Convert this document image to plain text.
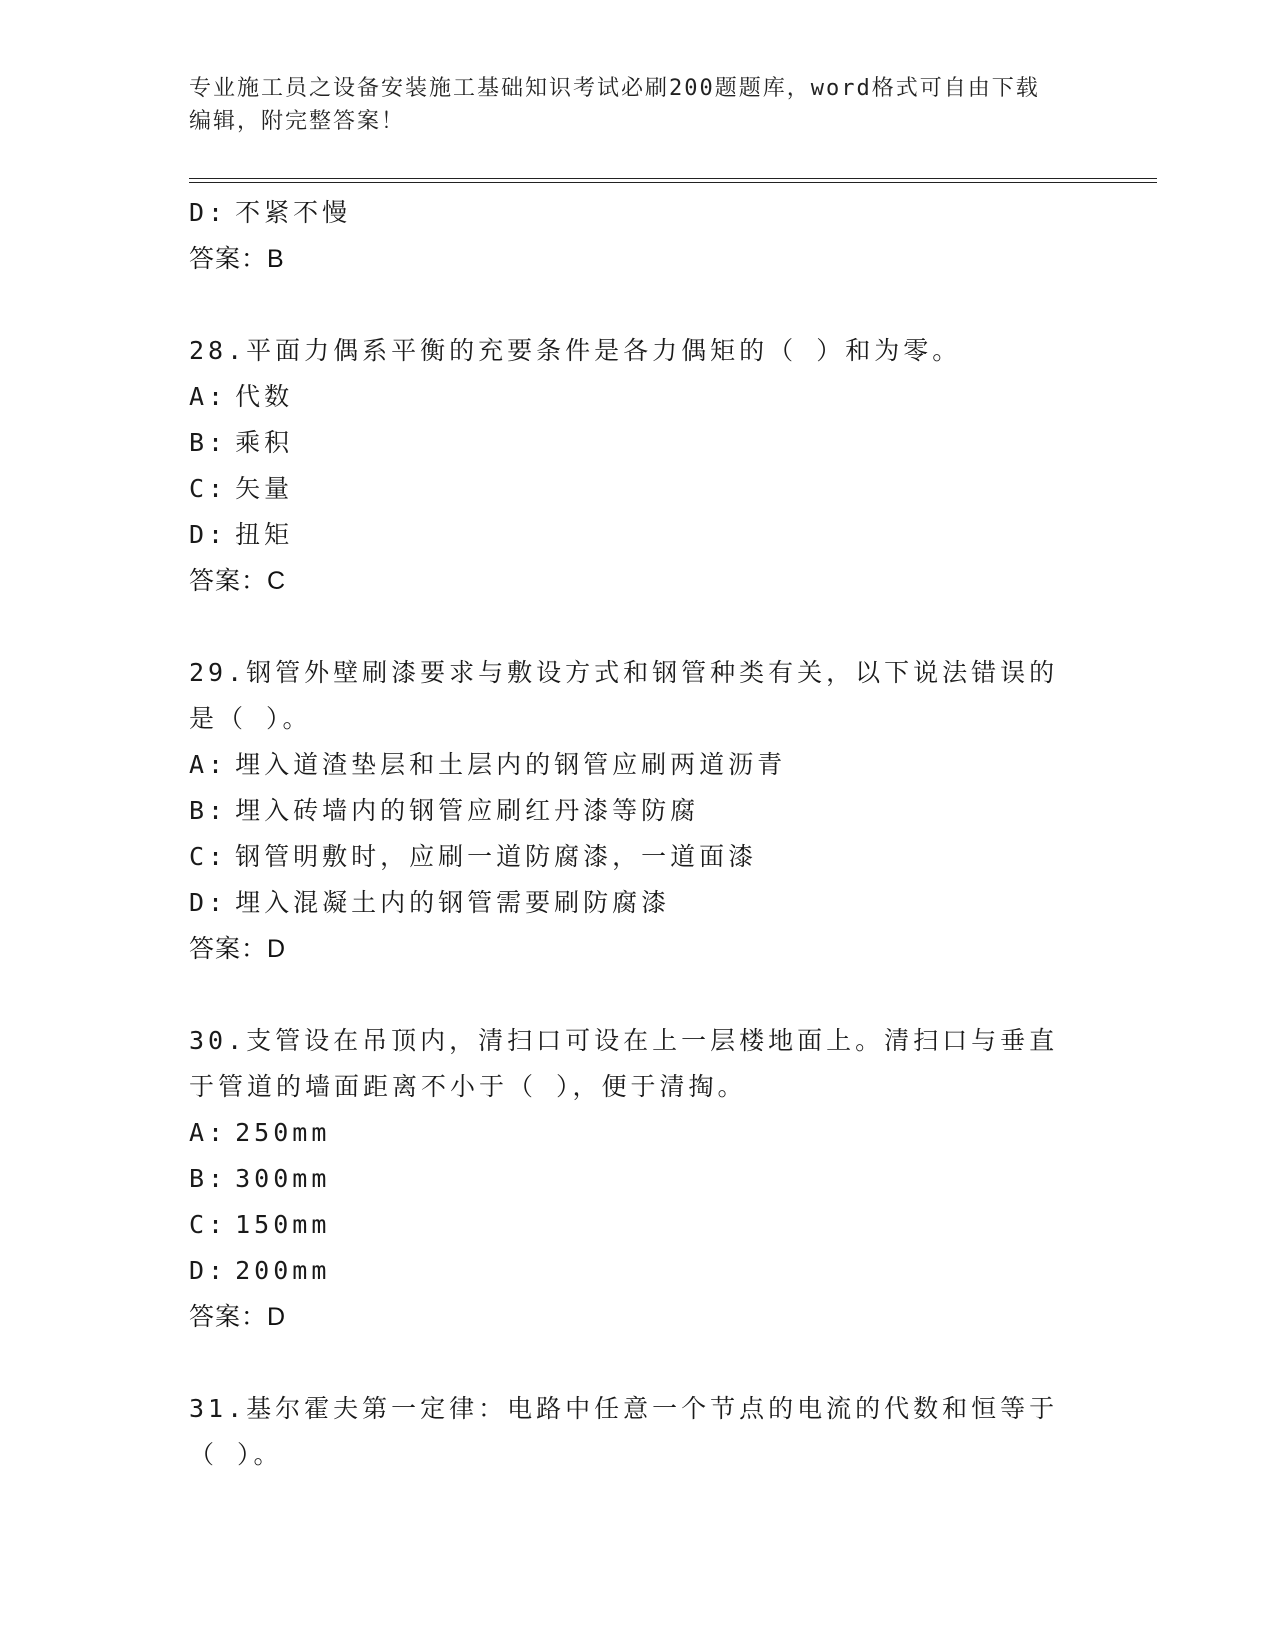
专业施工员之设备安装施工基础知识考试必刷200题题库，word格式可自由下载
编辑，附完整答案！
D: 不紧不慢
答案：B
28.平面力偶系平衡的充要条件是各力偶矩的（ ）和为零。
A: 代数
B: 乘积
C: 矢量
D: 扭矩
答案：C
29.钢管外壁刷漆要求与敷设方式和钢管种类有关，以下说法错误的是（ ）。
A: 埋入道渣垫层和土层内的钢管应刷两道沥青
B: 埋入砖墙内的钢管应刷红丹漆等防腐
C: 钢管明敷时，应刷一道防腐漆，一道面漆
D: 埋入混凝土内的钢管需要刷防腐漆
答案：D
30.支管设在吊顶内，清扫口可设在上一层楼地面上。清扫口与垂直于管道的墙面距离不小于（ ），便于清掏。
A: 250mm
B: 300mm
C: 150mm
D: 200mm
答案：D
31.基尔霍夫第一定律：电路中任意一个节点的电流的代数和恒等于（ ）。
